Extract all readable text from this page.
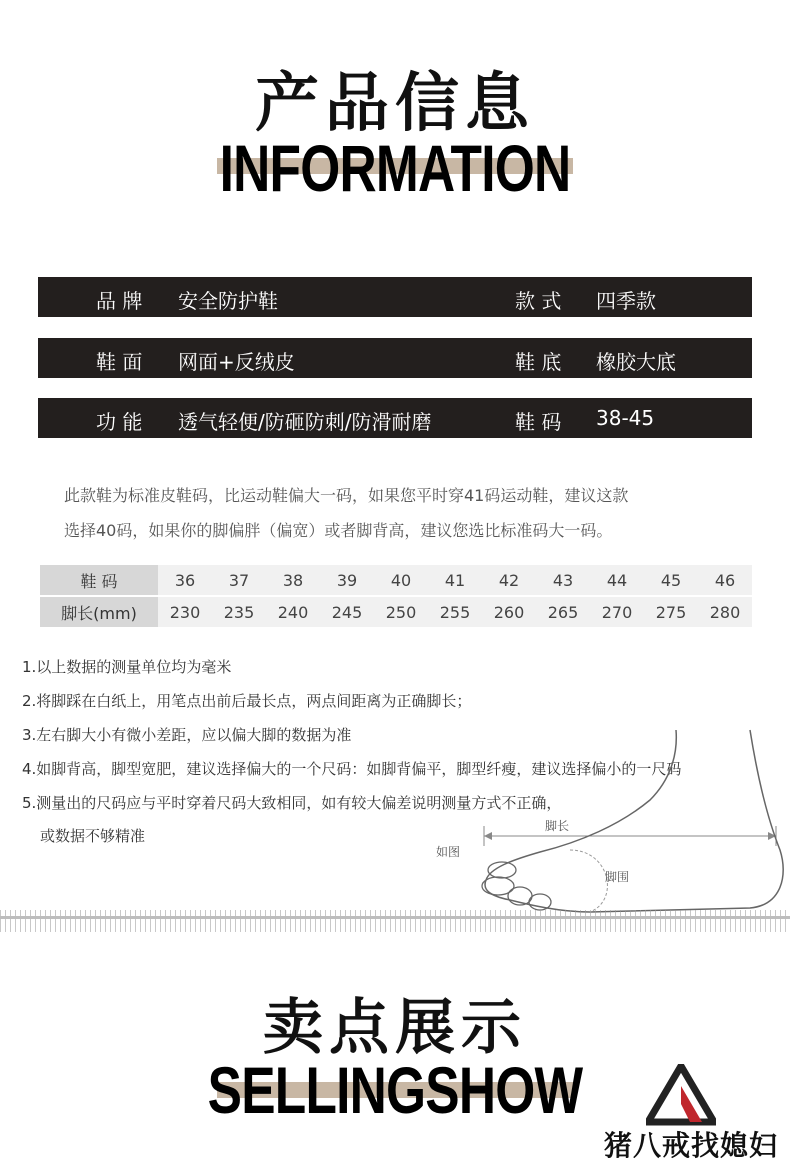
产品信息
INFORMATION
品 牌 安全防护鞋	款 式 四季款
鞋 面 网面+反绒皮	鞋 底 橡胶大底
功 能 透气轻便/防砸防刺/防滑耐磨	鞋 码 38-45
此款鞋为标准皮鞋码，比运动鞋偏大一码，如果您平时穿41码运动鞋，建议这款
选择40码，如果你的脚偏胖（偏宽）或者脚背高，建议您选比标准码大一码。
鞋 码	36	37	38	39	40	41	42	43	44	45	46
脚长(mm)	230	235	240	245	250	255	260	265	270	275	280
1.以上数据的测量单位均为毫米
2.将脚踩在白纸上，用笔点出前后最长点，两点间距离为正确脚长；
3.左右脚大小有微小差距，应以偏大脚的数据为准
4.如脚背高，脚型宽肥，建议选择偏大的一个尺码：如脚背偏平，脚型纤瘦，建议选择偏小的一尺码
5.测量出的尺码应与平时穿着尺码大致相同，如有较大偏差说明测量方式不正确，
或数据不够精准
脚长
如图
脚围
卖点展示
SELLINGSHOW
猪八戒找媳妇
